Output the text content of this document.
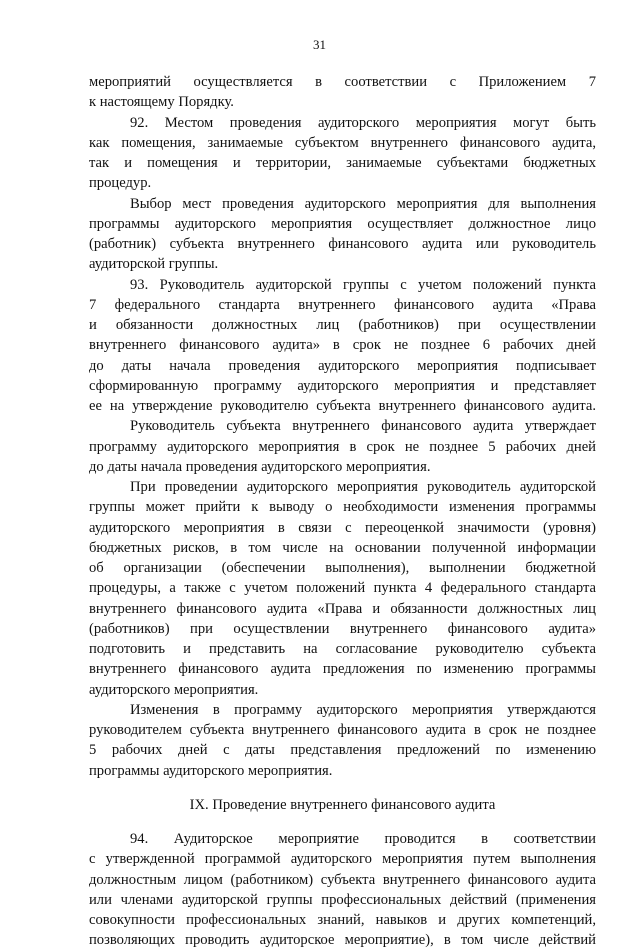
31
мероприятий осуществляется в соответствии с Приложением 7
к настоящему Порядку.
92. Местом проведения аудиторского мероприятия могут быть
как помещения, занимаемые субъектом внутреннего финансового аудита,
так и помещения и территории, занимаемые субъектами бюджетных
процедур.
Выбор мест проведения аудиторского мероприятия для выполнения
программы аудиторского мероприятия осуществляет должностное лицо
(работник) субъекта внутреннего финансового аудита или руководитель
аудиторской группы.
93. Руководитель аудиторской группы с учетом положений пункта
7 федерального стандарта внутреннего финансового аудита «Права
и обязанности должностных лиц (работников) при осуществлении
внутреннего финансового аудита» в срок не позднее 6 рабочих дней
до даты начала проведения аудиторского мероприятия подписывает
сформированную программу аудиторского мероприятия и представляет
ее на утверждение руководителю субъекта внутреннего финансового аудита.
Руководитель субъекта внутреннего финансового аудита утверждает
программу аудиторского мероприятия в срок не позднее 5 рабочих дней
до даты начала проведения аудиторского мероприятия.
При проведении аудиторского мероприятия руководитель аудиторской
группы может прийти к выводу о необходимости изменения программы
аудиторского мероприятия в связи с переоценкой значимости (уровня)
бюджетных рисков, в том числе на основании полученной информации
об организации (обеспечении выполнения), выполнении бюджетной
процедуры, а также с учетом положений пункта 4 федерального стандарта
внутреннего финансового аудита «Права и обязанности должностных лиц
(работников) при осуществлении внутреннего финансового аудита»
подготовить и представить на согласование руководителю субъекта
внутреннего финансового аудита предложения по изменению программы
аудиторского мероприятия.
Изменения в программу аудиторского мероприятия утверждаются
руководителем субъекта внутреннего финансового аудита в срок не позднее
5 рабочих дней с даты представления предложений по изменению
программы аудиторского мероприятия.
IX. Проведение внутреннего финансового аудита
94. Аудиторское мероприятие проводится в соответствии
с утвержденной программой аудиторского мероприятия путем выполнения
должностным лицом (работником) субъекта внутреннего финансового аудита
или членами аудиторской группы профессиональных действий (применения
совокупности профессиональных знаний, навыков и других компетенций,
позволяющих проводить аудиторское мероприятие), в том числе действий
